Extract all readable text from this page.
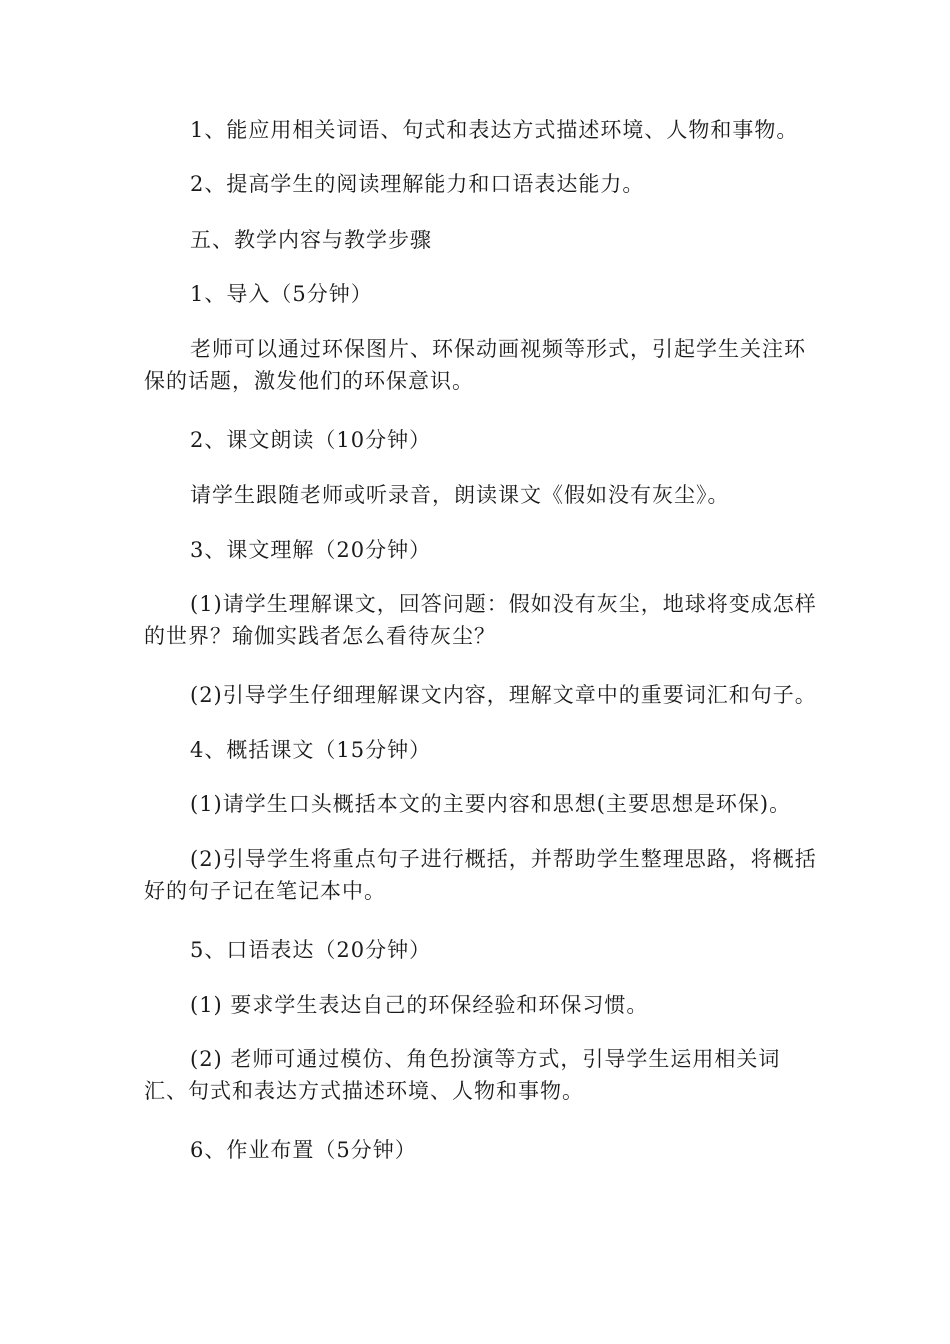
1、能应用相关词语、句式和表达方式描述环境、人物和事物。

2、提高学生的阅读理解能力和口语表达能力。

五、教学内容与教学步骤

1、导入（5分钟）

老师可以通过环保图片、环保动画视频等形式，引起学生关注环保的话题，激发他们的环保意识。

2、课文朗读（10分钟）

请学生跟随老师或听录音，朗读课文《假如没有灰尘》。

3、课文理解（20分钟）

(1)请学生理解课文，回答问题：假如没有灰尘，地球将变成怎样的世界？瑜伽实践者怎么看待灰尘？

(2)引导学生仔细理解课文内容，理解文章中的重要词汇和句子。

4、概括课文（15分钟）

(1)请学生口头概括本文的主要内容和思想(主要思想是环保)。

(2)引导学生将重点句子进行概括，并帮助学生整理思路，将概括好的句子记在笔记本中。

5、口语表达（20分钟）

(1) 要求学生表达自己的环保经验和环保习惯。

(2) 老师可通过模仿、角色扮演等方式，引导学生运用相关词汇、句式和表达方式描述环境、人物和事物。

6、作业布置（5分钟）
